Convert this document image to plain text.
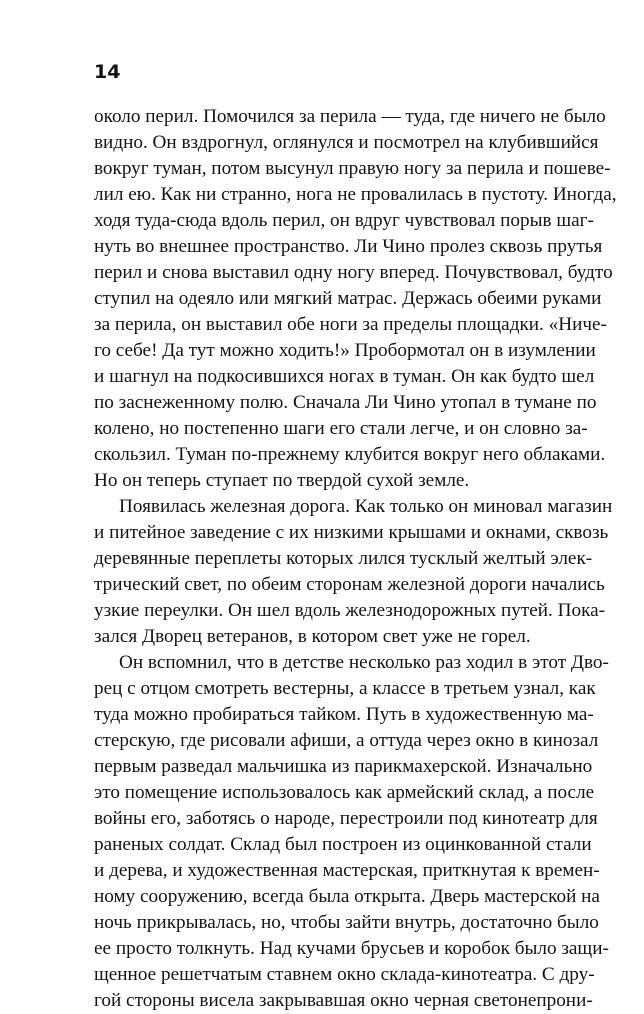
14
около перил. Помочился за перила — туда, где ничего не было
видно. Он вздрогнул, оглянулся и посмотрел на клубившийся
вокруг туман, потом высунул правую ногу за перила и пошеве-
лил ею. Как ни странно, нога не провалилась в пустоту. Иногда,
ходя туда-сюда вдоль перил, он вдруг чувствовал порыв шаг-
нуть во внешнее пространство. Ли Чино пролез сквозь прутья
перил и снова выставил одну ногу вперед. Почувствовал, будто
ступил на одеяло или мягкий матрас. Держась обеими руками
за перила, он выставил обе ноги за пределы площадки. «Ниче-
го себе! Да тут можно ходить!» Пробормотал он в изумлении
и шагнул на подкосившихся ногах в туман. Он как будто шел
по заснеженному полю. Сначала Ли Чино утопал в тумане по
колено, но постепенно шаги его стали легче, и он словно за-
скользил. Туман по-прежнему клубится вокруг него облаками.
Но он теперь ступает по твердой сухой земле.
Появилась железная дорога. Как только он миновал магазин
и питейное заведение с их низкими крышами и окнами, сквозь
деревянные переплеты которых лился тусклый желтый элек-
трический свет, по обеим сторонам железной дороги начались
узкие переулки. Он шел вдоль железнодорожных путей. Пока-
зался Дворец ветеранов, в котором свет уже не горел.
Он вспомнил, что в детстве несколько раз ходил в этот Дво-
рец с отцом смотреть вестерны, а классе в третьем узнал, как
туда можно пробираться тайком. Путь в художественную ма-
стерскую, где рисовали афиши, а оттуда через окно в кинозал
первым разведал мальчишка из парикмахерской. Изначально
это помещение использовалось как армейский склад, а после
войны его, заботясь о народе, перестроили под кинотеатр для
раненых солдат. Склад был построен из оцинкованной стали
и дерева, и художественная мастерская, приткнутая к времен-
ному сооружению, всегда была открыта. Дверь мастерской на
ночь прикрывалась, но, чтобы зайти внутрь, достаточно было
ее просто толкнуть. Над кучами брусьев и коробок было защи-
щенное решетчатым ставнем окно склада-кинотеатра. С дру-
гой стороны висела закрывавшая окно черная светонепрони-
